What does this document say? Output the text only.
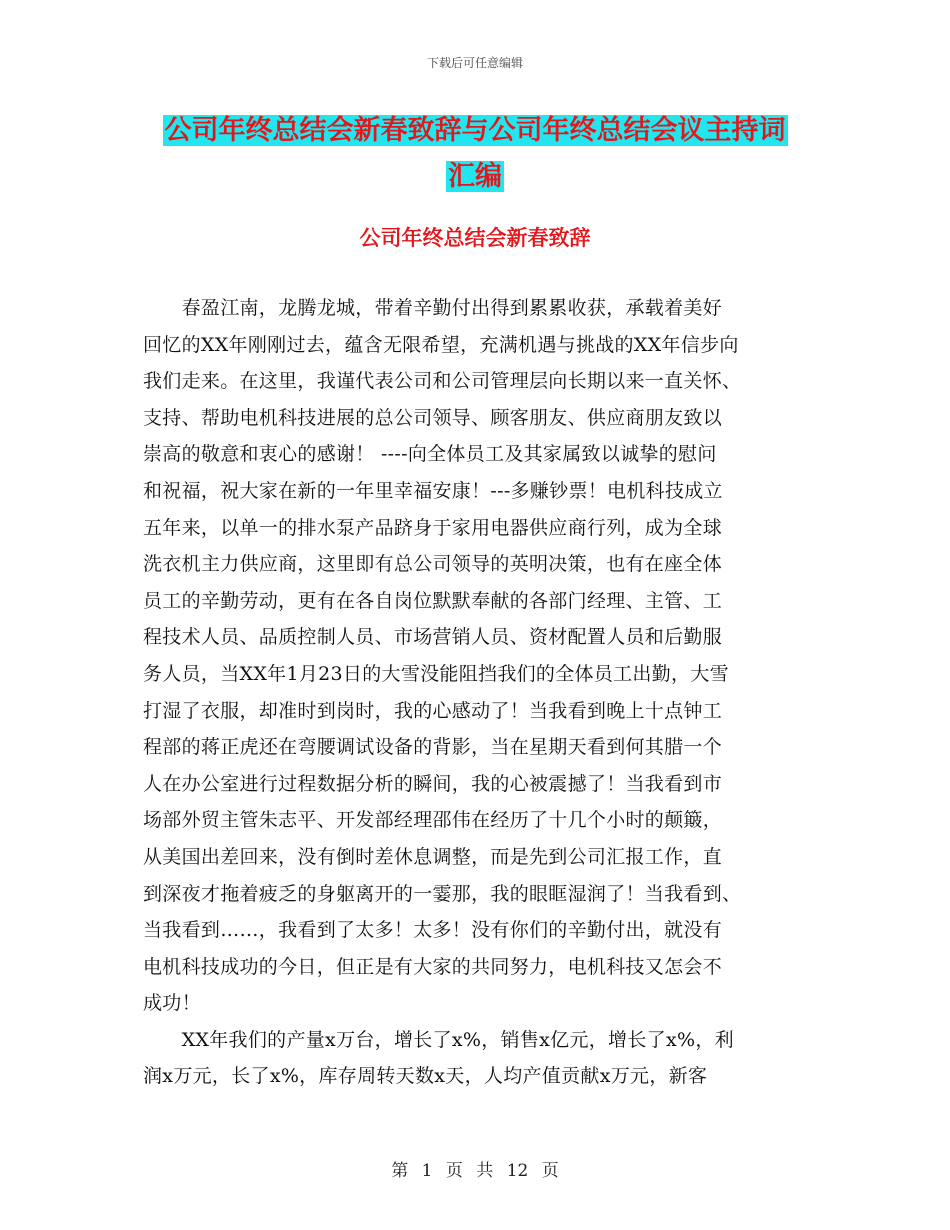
下载后可任意编辑
公司年终总结会新春致辞与公司年终总结会议主持词
汇编
公司年终总结会新春致辞
　　春盈江南，龙腾龙城，带着辛勤付出得到累累收获，承载着美好
回忆的XX年刚刚过去，蕴含无限希望，充满机遇与挑战的XX年信步向
我们走来。在这里，我谨代表公司和公司管理层向长期以来一直关怀、
支持、帮助电机科技进展的总公司领导、顾客朋友、供应商朋友致以
崇高的敬意和衷心的感谢！ ----向全体员工及其家属致以诚挚的慰问
和祝福，祝大家在新的一年里幸福安康！---多赚钞票！电机科技成立
五年来，以单一的排水泵产品跻身于家用电器供应商行列，成为全球
洗衣机主力供应商，这里即有总公司领导的英明决策，也有在座全体
员工的辛勤劳动，更有在各自岗位默默奉献的各部门经理、主管、工
程技术人员、品质控制人员、市场营销人员、资材配置人员和后勤服
务人员，当XX年1月23日的大雪没能阻挡我们的全体员工出勤，大雪
打湿了衣服，却准时到岗时，我的心感动了！当我看到晚上十点钟工
程部的蒋正虎还在弯腰调试设备的背影，当在星期天看到何其腊一个
人在办公室进行过程数据分析的瞬间，我的心被震撼了！当我看到市
场部外贸主管朱志平、开发部经理邵伟在经历了十几个小时的颠簸，
从美国出差回来，没有倒时差休息调整，而是先到公司汇报工作，直
到深夜才拖着疲乏的身躯离开的一霎那，我的眼眶湿润了！当我看到、
当我看到……，我看到了太多！太多！没有你们的辛勤付出，就没有
电机科技成功的今日，但正是有大家的共同努力，电机科技又怎会不
成功！
　　XX年我们的产量x万台，增长了x%，销售x亿元，增长了x%，利
润x万元，长了x%，库存周转天数x天，人均产值贡献x万元，新客
第 1 页 共 12 页
